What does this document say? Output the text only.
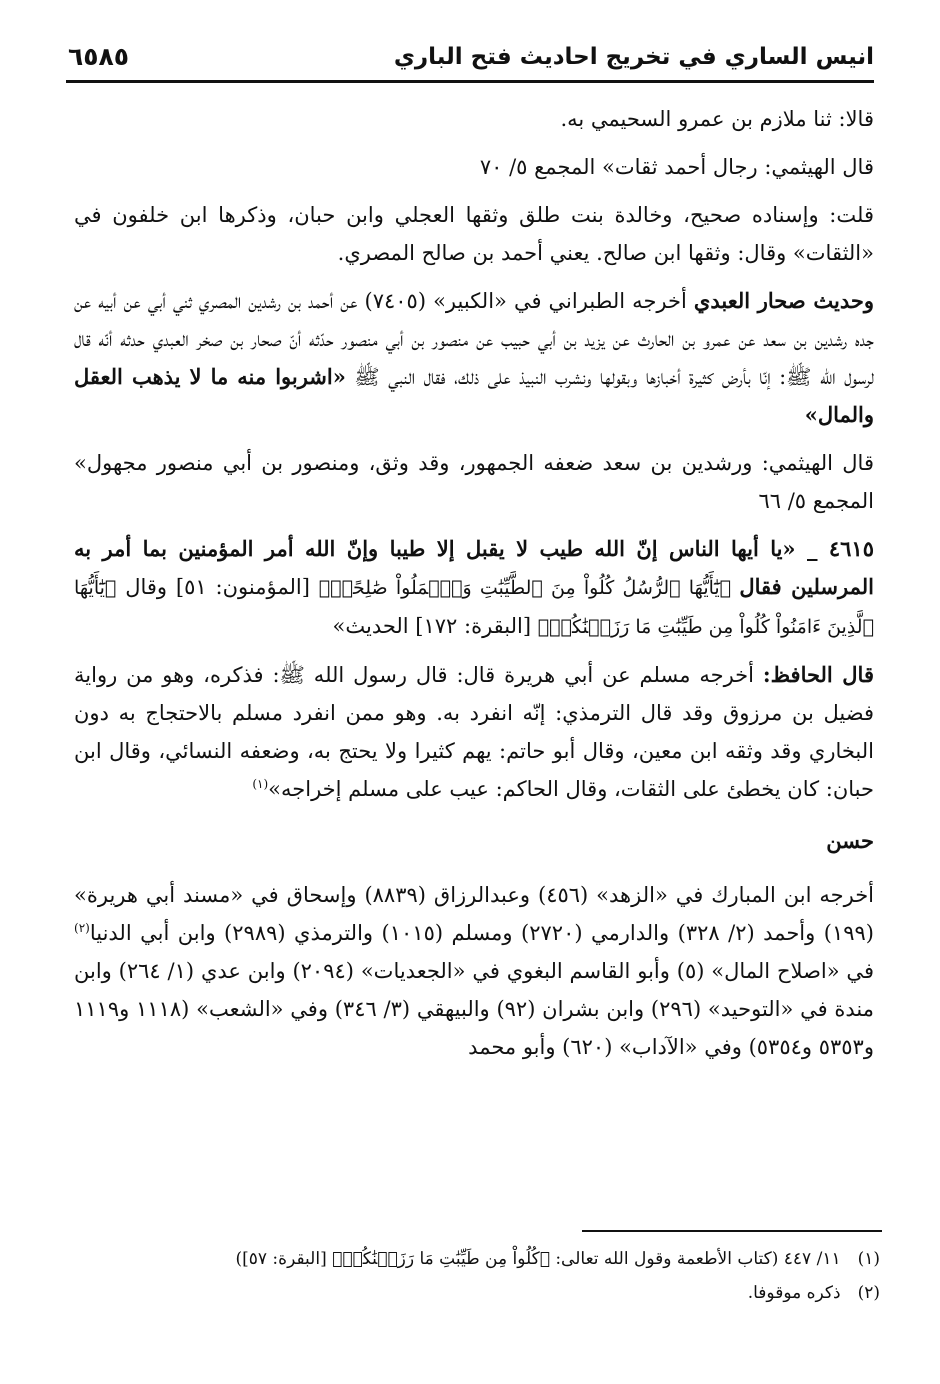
انيس الساري في تخريج احاديث فتح الباري
٦٥٨٥

قالا: ثنا ملازم بن عمرو السحيمي به.

قال الهيثمي: رجال أحمد ثقات» المجمع ٥/ ٧٠

قلت: وإسناده صحيح، وخالدة بنت طلق وثقها العجلي وابن حبان، وذكرها ابن خلفون في «الثقات» وقال: وثقها ابن صالح. يعني أحمد بن صالح المصري.

وحديث صحار العبدي أخرجه الطبراني في «الكبير» (٧٤٠٥) عن أحمد بن رشدين المصري ثني أبي عن أبيه عن جده رشدين بن سعد عن عمرو بن الحارث عن يزيد بن أبي حبيب عن منصور بن أبي منصور حدّثه أنّ صحار بن صخر العبدي حدثه أنّه قال لرسول الله ﷺ: إنّا بأرض كثيرة أخبازها وبقولها ونشرب النبيذ على ذلك، فقال النبي ﷺ «اشربوا منه ما لا يذهب العقل والمال»

قال الهيثمي: ورشدين بن سعد ضعفه الجمهور، وقد وثق، ومنصور بن أبي منصور مجهول» المجمع ٥/ ٦٦

٤٦١٥ _ «يا أيها الناس إنّ الله طيب لا يقبل إلا طيبا وإنّ الله أمر المؤمنين بما أمر به المرسلين فقال ﴿يَٰٓأَيُّهَا ٱلرُّسُلُ كُلُواْ مِنَ ٱلطَّيِّبَٰتِ وَٱعۡمَلُواْ صَٰلِحًاۖ﴾ [المؤمنون: ٥١] وقال ﴿يَٰٓأَيُّهَا ٱلَّذِينَ ءَامَنُواْ كُلُواْ مِن طَيِّبَٰتِ مَا رَزَقۡنَٰكُمۡ﴾ [البقرة: ١٧٢] الحديث»

قال الحافظ: أخرجه مسلم عن أبي هريرة قال: قال رسول الله ﷺ: فذكره، وهو من رواية فضيل بن مرزوق وقد قال الترمذي: إنّه انفرد به. وهو ممن انفرد مسلم بالاحتجاج به دون البخاري وقد وثقه ابن معين، وقال أبو حاتم: يهم كثيرا ولا يحتج به، وضعفه النسائي، وقال ابن حبان: كان يخطئ على الثقات، وقال الحاكم: عيب على مسلم إخراجه»$^{(١)}$

حسن

أخرجه ابن المبارك في «الزهد» (٤٥٦) وعبدالرزاق (٨٨٣٩) وإسحاق في «مسند أبي هريرة» (١٩٩) وأحمد (٢/ ٣٢٨) والدارمي (٢٧٢٠) ومسلم (١٠١٥) والترمذي (٢٩٨٩) وابن أبي الدنيا$^{(٢)}$ في «اصلاح المال» (٥) وأبو القاسم البغوي في «الجعديات» (٢٠٩٤) وابن عدي (١/ ٢٦٤) وابن مندة في «التوحيد» (٢٩٦) وابن بشران (٩٢) والبيهقي (٣/ ٣٤٦) وفي «الشعب» (١١١٨ و١١١٩ و٥٣٥٣ و٥٣٥٤) وفي «الآداب» (٦٢٠) وأبو محمد

(١) ١١/ ٤٤٧ (كتاب الأطعمة وقول الله تعالى: ﴿كُلُواْ مِن طَيِّبَٰتِ مَا رَزَقۡنَٰكُمۡ﴾ [البقرة: ٥٧])
(٢) ذكره موقوفا.
